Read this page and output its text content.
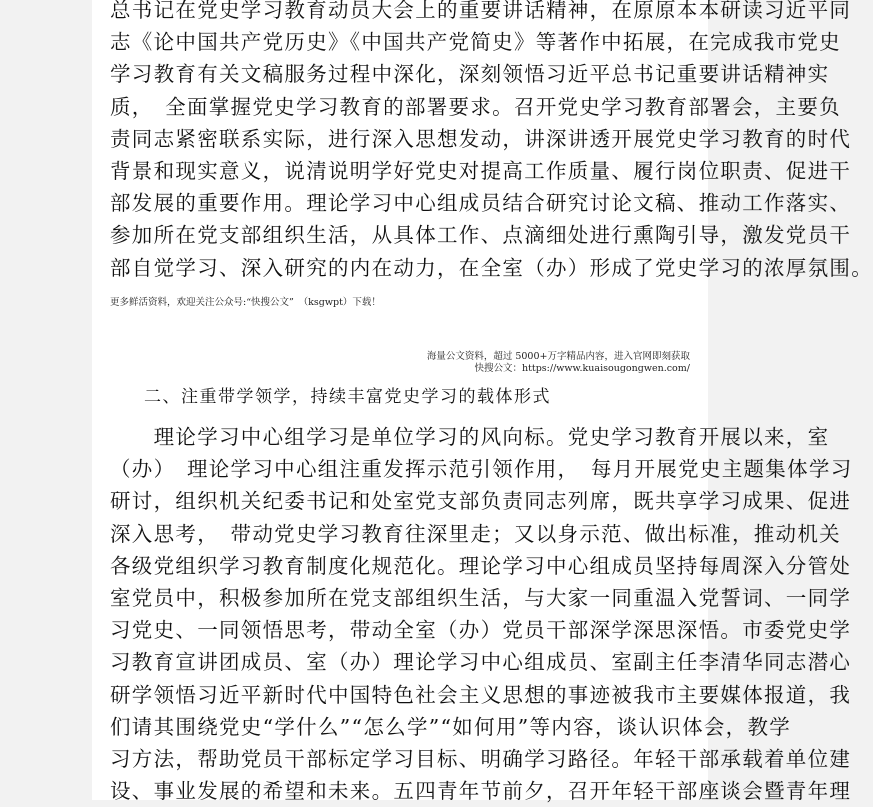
总书记在党史学习教育动员大会上的重要讲话精神，在原原本本研读习近平同
志《论中国共产党历史》《中国共产党简史》等著作中拓展，在完成我市党史
学习教育有关文稿服务过程中深化，深刻领悟习近平总书记重要讲话精神实
质，　全面掌握党史学习教育的部署要求。召开党史学习教育部署会，主要负
责同志紧密联系实际，进行深入思想发动，讲深讲透开展党史学习教育的时代
背景和现实意义，说清说明学好党史对提高工作质量、履行岗位职责、促进干
部发展的重要作用。理论学习中心组成员结合研究讨论文稿、推动工作落实、
参加所在党支部组织生活，从具体工作、点滴细处进行熏陶引导，激发党员干
部自觉学习、深入研究的内在动力，在全室（办）形成了党史学习的浓厚氛围。

更多鲜活资料，欢迎关注公众号:“快搜公文”　（ksgwpt）下载！
海量公文资料，超过 5000+万字精品内容，进入官网即刻获取
快搜公文：https://www.kuaisougongwen.com/
二、注重带学领学，持续丰富党史学习的载体形式

　　理论学习中心组学习是单位学习的风向标。党史学习教育开展以来，室
（办）　理论学习中心组注重发挥示范引领作用，　每月开展党史主题集体学习
研讨，组织机关纪委书记和处室党支部负责同志列席，既共享学习成果、促进
深入思考，　带动党史学习教育往深里走；又以身示范、做出标准，推动机关
各级党组织学习教育制度化规范化。理论学习中心组成员坚持每周深入分管处
室党员中，积极参加所在党支部组织生活，与大家一同重温入党誓词、一同学
习党史、一同领悟思考，带动全室（办）党员干部深学深思深悟。市委党史学
习教育宣讲团成员、室（办）理论学习中心组成员、室副主任李清华同志潜心
研学领悟习近平新时代中国特色社会主义思想的事迹被我市主要媒体报道，我
们请其围绕党史“学什么”“怎么学”“如何用”等内容，谈认识体会，教学
习方法，帮助党员干部标定学习目标、明确学习路径。年轻干部承载着单位建
设、事业发展的希望和未来。五四青年节前夕，召开年轻干部座谈会暨青年理
